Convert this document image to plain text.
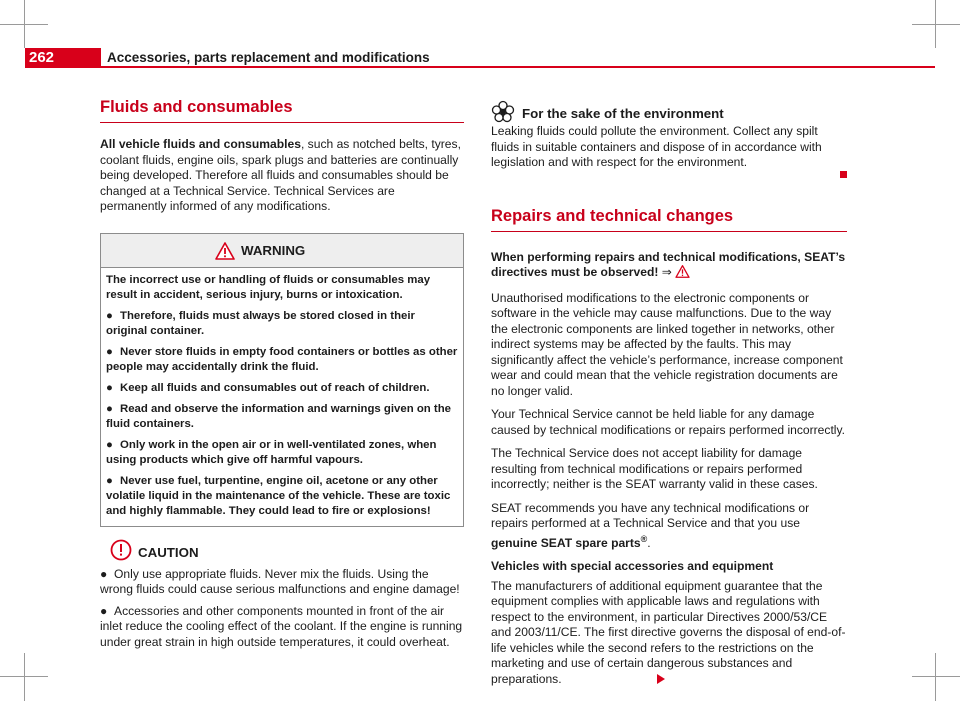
262	Accessories, parts replacement and modifications
Fluids and consumables

All vehicle fluids and consumables, such as notched belts, tyres, coolant fluids, engine oils, spark plugs and batteries are continually being developed. Therefore all fluids and consumables should be changed at a Technical Service. Technical Services are permanently informed of any modifications.

WARNING

The incorrect use or handling of fluids or consumables may result in accident, serious injury, burns or intoxication.

● Therefore, fluids must always be stored closed in their original container.

● Never store fluids in empty food containers or bottles as other people may accidentally drink the fluid.

● Keep all fluids and consumables out of reach of children.

● Read and observe the information and warnings given on the fluid containers.

● Only work in the open air or in well-ventilated zones, when using products which give off harmful vapours.

● Never use fuel, turpentine, engine oil, acetone or any other volatile liquid in the maintenance of the vehicle. These are toxic and highly flammable. They could lead to fire or explosions!

CAUTION

● Only use appropriate fluids. Never mix the fluids. Using the wrong fluids could cause serious malfunctions and engine damage!

● Accessories and other components mounted in front of the air inlet reduce the cooling effect of the coolant. If the engine is running under great strain in high outside temperatures, it could overheat.

For the sake of the environment

Leaking fluids could pollute the environment. Collect any spilt fluids in suitable containers and dispose of in accordance with legislation and with respect for the environment.

Repairs and technical changes

When performing repairs and technical modifications, SEAT’s directives must be observed! ⇒

Unauthorised modifications to the electronic components or software in the vehicle may cause malfunctions. Due to the way the electronic components are linked together in networks, other indirect systems may be affected by the faults. This may significantly affect the vehicle’s performance, increase component wear and could mean that the vehicle registration documents are no longer valid.

Your Technical Service cannot be held liable for any damage caused by technical modifications or repairs performed incorrectly.

The Technical Service does not accept liability for damage resulting from technical modifications or repairs performed incorrectly; neither is the SEAT warranty valid in these cases.

SEAT recommends you have any technical modifications or repairs performed at a Technical Service and that you use genuine SEAT spare parts®.

Vehicles with special accessories and equipment

The manufacturers of additional equipment guarantee that the equipment complies with applicable laws and regulations with respect to the environment, in particular Directives 2000/53/CE and 2003/11/CE. The first directive governs the disposal of end-of-life vehicles while the second refers to the restrictions on the marketing and use of certain dangerous substances and preparations.
